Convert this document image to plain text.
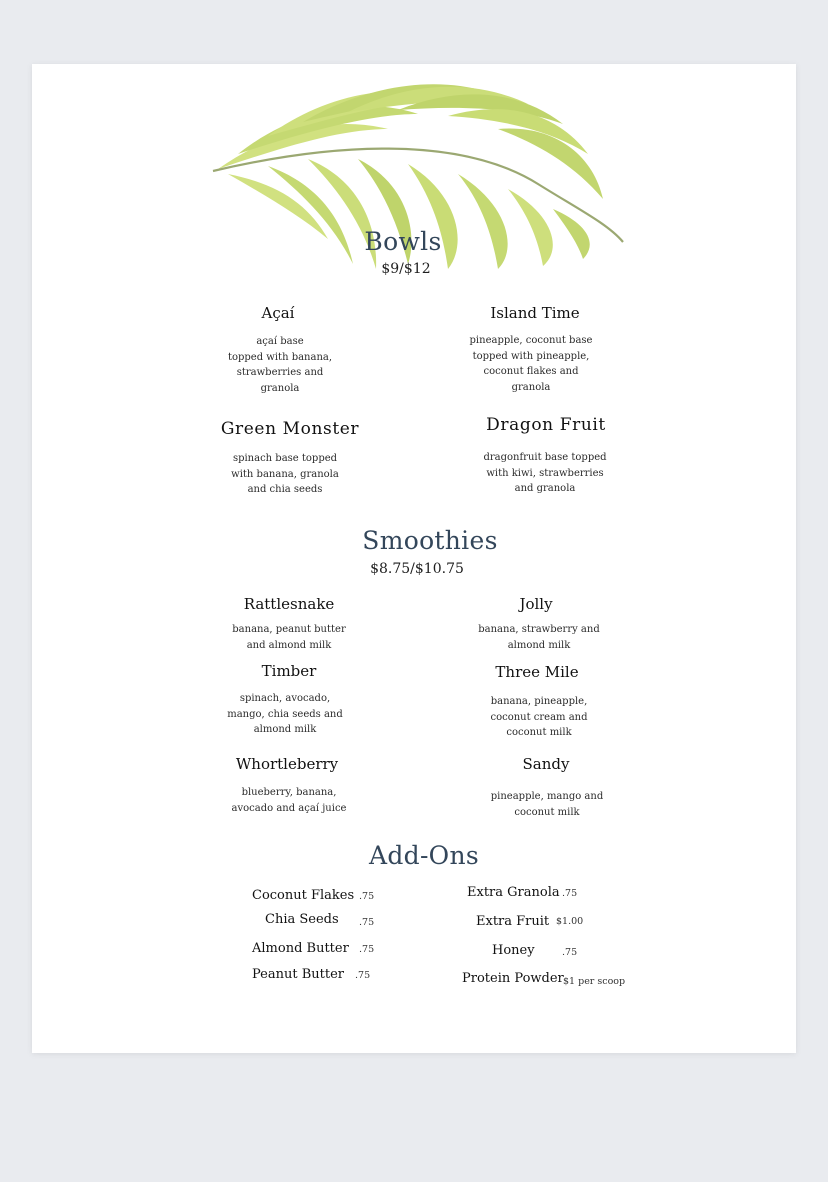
Bowls
$9/$12
Açaí
açaí base
topped with banana,
strawberries and
granola
Island Time
pineapple, coconut base
topped with pineapple,
coconut flakes and
granola
Green Monster
spinach base topped
with banana, granola
and chia seeds
Dragon Fruit
dragonfruit base topped
with kiwi, strawberries
and granola
Smoothies
$8.75/$10.75
Rattlesnake
banana, peanut butter
and almond milk
Jolly
banana, strawberry and
almond milk
Timber
spinach, avocado,
mango, chia seeds and
almond milk
Three Mile
banana, pineapple,
coconut cream and
coconut milk
Whortleberry
blueberry, banana,
avocado and açaí juice
Sandy
pineapple, mango and
coconut milk
Add-Ons
Coconut Flakes .75
Chia Seeds .75
Almond Butter .75
Peanut Butter .75
Extra Granola .75
Extra Fruit $1.00
Honey	.75
Protein Powder $1 per scoop
